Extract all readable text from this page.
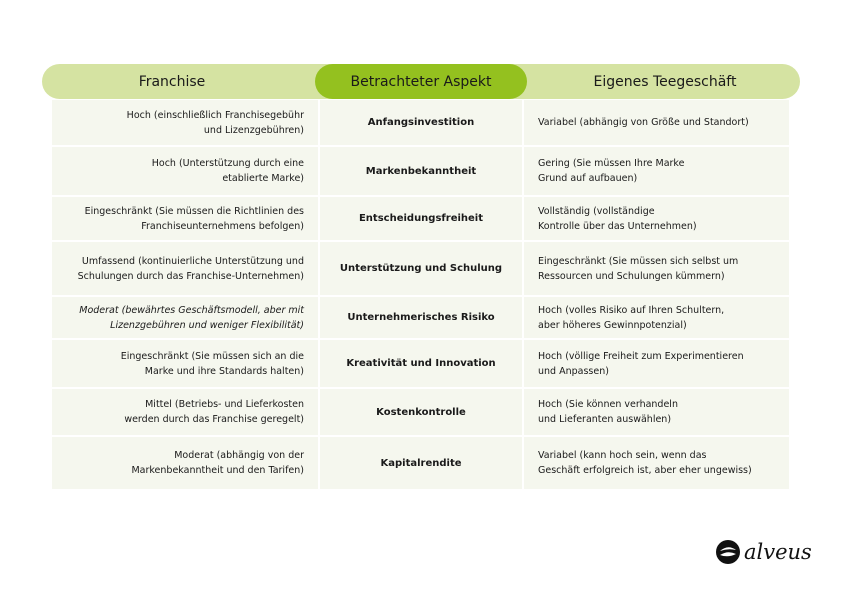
Franchise	Eigenes Teegeschäft
Betrachteter Aspekt
Hoch (einschließlich Franchisegebühr
und Lizenzgebühren)
Anfangsinvestition	Variabel (abhängig von Größe und Standort)
Hoch (Unterstützung durch eine
etablierte Marke)
Markenbekanntheit
Gering (Sie müssen Ihre Marke
Grund auf aufbauen)
Eingeschränkt (Sie müssen die Richtlinien des
Franchiseunternehmens befolgen)
Entscheidungsfreiheit
Vollständig (vollständige
Kontrolle über das Unternehmen)
Umfassend (kontinuierliche Unterstützung und
Schulungen durch das Franchise-Unternehmen)
Unterstützung und Schulung
Eingeschränkt (Sie müssen sich selbst um
Ressourcen und Schulungen kümmern)
Moderat (bewährtes Geschäftsmodell, aber mit
Lizenzgebühren und weniger Flexibilität)
Unternehmerisches Risiko
Hoch (volles Risiko auf Ihren Schultern,
aber höheres Gewinnpotenzial)
Eingeschränkt (Sie müssen sich an die
Marke und ihre Standards halten)
Kreativität und Innovation
Hoch (völlige Freiheit zum Experimentieren
und Anpassen)
Mittel (Betriebs- und Lieferkosten
werden durch das Franchise geregelt)
Kostenkontrolle
Hoch (Sie können verhandeln
und Lieferanten auswählen)
Moderat (abhängig von der
Markenbekanntheit und den Tarifen)
Kapitalrendite
Variabel (kann hoch sein, wenn das
Geschäft erfolgreich ist, aber eher ungewiss)
alveus
